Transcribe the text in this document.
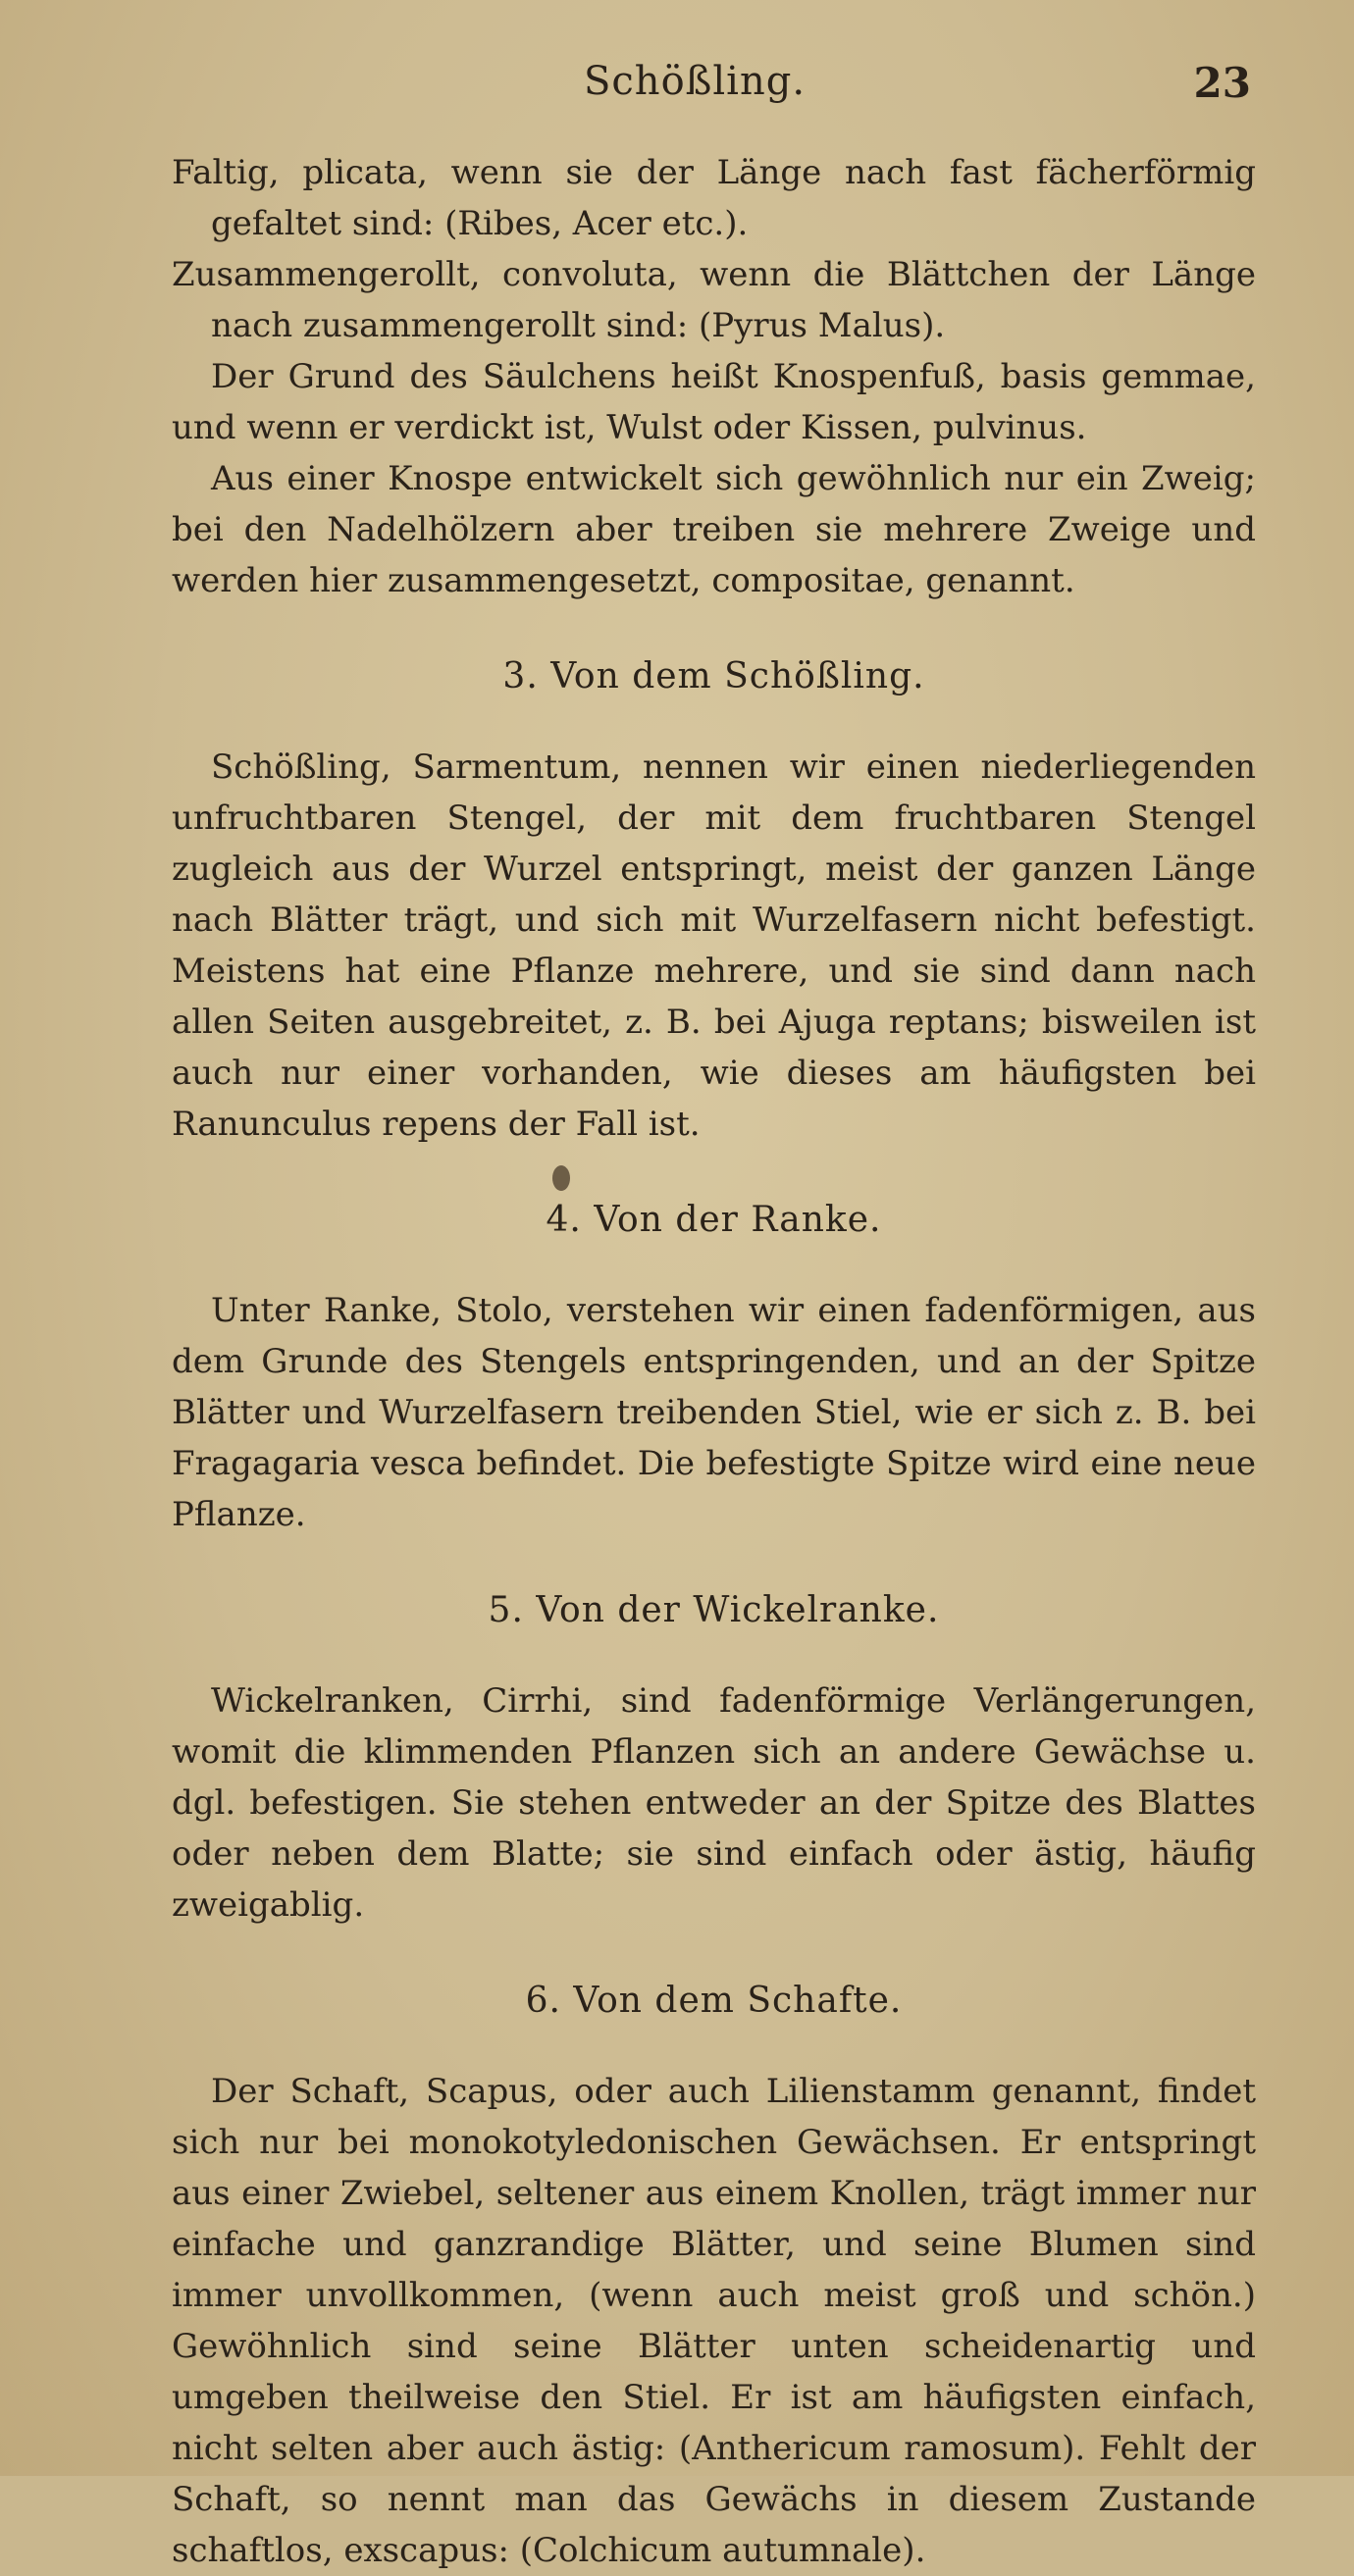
Schößling.	23

Faltig, plicata, wenn sie der Länge nach fast fächerförmig gefaltet sind: (Ribes, Acer etc.).

Zusammengerollt, convoluta, wenn die Blättchen der Länge nach zusammengerollt sind: (Pyrus Malus).

Der Grund des Säulchens heißt Knospenfuß, basis gemmae, und wenn er verdickt ist, Wulst oder Kissen, pulvinus.

Aus einer Knospe entwickelt sich gewöhnlich nur ein Zweig; bei den Nadelhölzern aber treiben sie mehrere Zweige und werden hier zusammengesetzt, compositae, genannt.

3. Von dem Schößling.

Schößling, Sarmentum, nennen wir einen niederliegenden unfruchtbaren Stengel, der mit dem fruchtbaren Stengel zugleich aus der Wurzel entspringt, meist der ganzen Länge nach Blätter trägt, und sich mit Wurzelfasern nicht befestigt. Meistens hat eine Pflanze mehrere, und sie sind dann nach allen Seiten ausgebreitet, z. B. bei Ajuga reptans; bisweilen ist auch nur einer vorhanden, wie dieses am häufigsten bei Ranunculus repens der Fall ist.

4. Von der Ranke.

Unter Ranke, Stolo, verstehen wir einen fadenförmigen, aus dem Grunde des Stengels entspringenden, und an der Spitze Blätter und Wurzelfasern treibenden Stiel, wie er sich z. B. bei Fragagaria vesca befindet. Die befestigte Spitze wird eine neue Pflanze.

5. Von der Wickelranke.

Wickelranken, Cirrhi, sind fadenförmige Verlängerungen, womit die klimmenden Pflanzen sich an andere Gewächse u. dgl. befestigen. Sie stehen entweder an der Spitze des Blattes oder neben dem Blatte; sie sind einfach oder ästig, häufig zweigablig.

6. Von dem Schafte.

Der Schaft, Scapus, oder auch Lilienstamm genannt, findet sich nur bei monokotyledonischen Gewächsen. Er entspringt aus einer Zwiebel, seltener aus einem Knollen, trägt immer nur einfache und ganzrandige Blätter, und seine Blumen sind immer unvollkommen, (wenn auch meist groß und schön.) Gewöhnlich sind seine Blätter unten scheidenartig und umgeben theilweise den Stiel. Er ist am häufigsten einfach, nicht selten aber auch ästig: (Anthericum ramosum). Fehlt der Schaft, so nennt man das Gewächs in diesem Zustande schaftlos, exscapus: (Colchicum autumnale).
